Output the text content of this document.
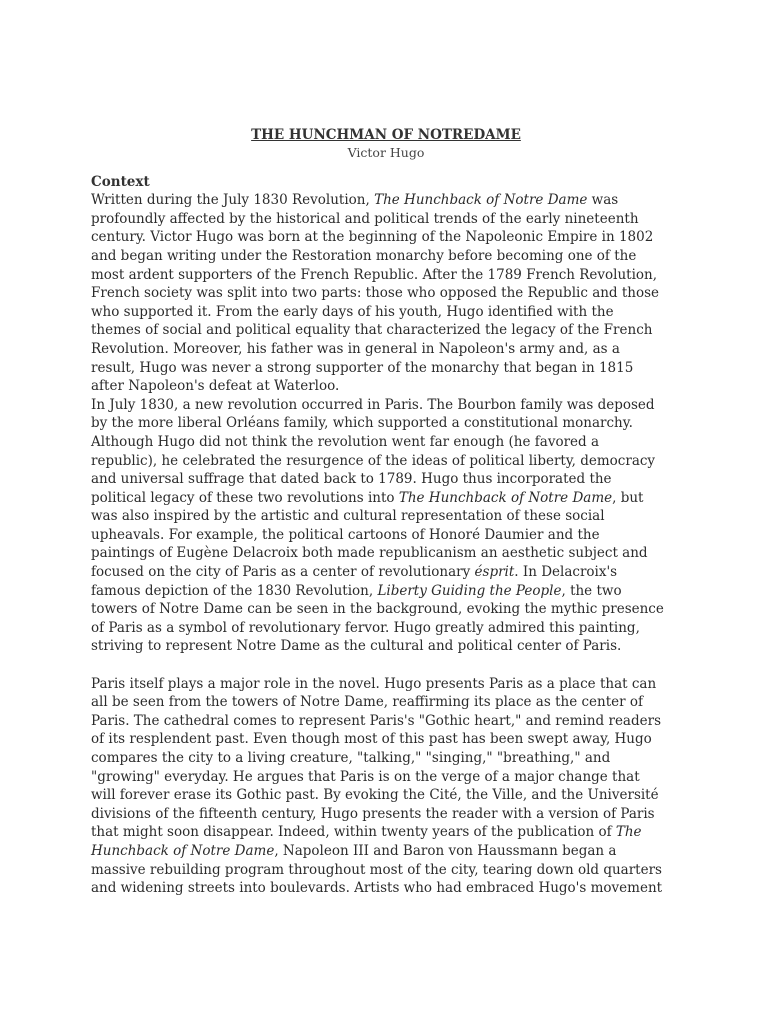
THE HUNCHMAN OF NOTREDAME
Victor Hugo
Context

Written during the July 1830 Revolution, The Hunchback of Notre Dame was

profoundly affected by the historical and political trends of the early nineteenth

century. Victor Hugo was born at the beginning of the Napoleonic Empire in 1802

and began writing under the Restoration monarchy before becoming one of the

most ardent supporters of the French Republic. After the 1789 French Revolution,

French society was split into two parts: those who opposed the Republic and those

who supported it. From the early days of his youth, Hugo identified with the

themes of social and political equality that characterized the legacy of the French

Revolution. Moreover, his father was in general in Napoleon's army and, as a

result, Hugo was never a strong supporter of the monarchy that began in 1815

after Napoleon's defeat at Waterloo.

In July 1830, a new revolution occurred in Paris. The Bourbon family was deposed

by the more liberal Orléans family, which supported a constitutional monarchy.

Although Hugo did not think the revolution went far enough (he favored a

republic), he celebrated the resurgence of the ideas of political liberty, democracy

and universal suffrage that dated back to 1789. Hugo thus incorporated the

political legacy of these two revolutions into The Hunchback of Notre Dame, but

was also inspired by the artistic and cultural representation of these social

upheavals. For example, the political cartoons of Honoré Daumier and the

paintings of Eugène Delacroix both made republicanism an aesthetic subject and

focused on the city of Paris as a center of revolutionary ésprit. In Delacroix's

famous depiction of the 1830 Revolution, Liberty Guiding the People, the two

towers of Notre Dame can be seen in the background, evoking the mythic presence

of Paris as a symbol of revolutionary fervor. Hugo greatly admired this painting,

striving to represent Notre Dame as the cultural and political center of Paris.

Paris itself plays a major role in the novel. Hugo presents Paris as a place that can

all be seen from the towers of Notre Dame, reaffirming its place as the center of

Paris. The cathedral comes to represent Paris's "Gothic heart," and remind readers

of its resplendent past. Even though most of this past has been swept away, Hugo

compares the city to a living creature, "talking," "singing," "breathing," and

"growing" everyday. He argues that Paris is on the verge of a major change that

will forever erase its Gothic past. By evoking the Cité, the Ville, and the Université

divisions of the fifteenth century, Hugo presents the reader with a version of Paris

that might soon disappear. Indeed, within twenty years of the publication of The

Hunchback of Notre Dame, Napoleon III and Baron von Haussmann began a

massive rebuilding program throughout most of the city, tearing down old quarters

and widening streets into boulevards. Artists who had embraced Hugo's movement
